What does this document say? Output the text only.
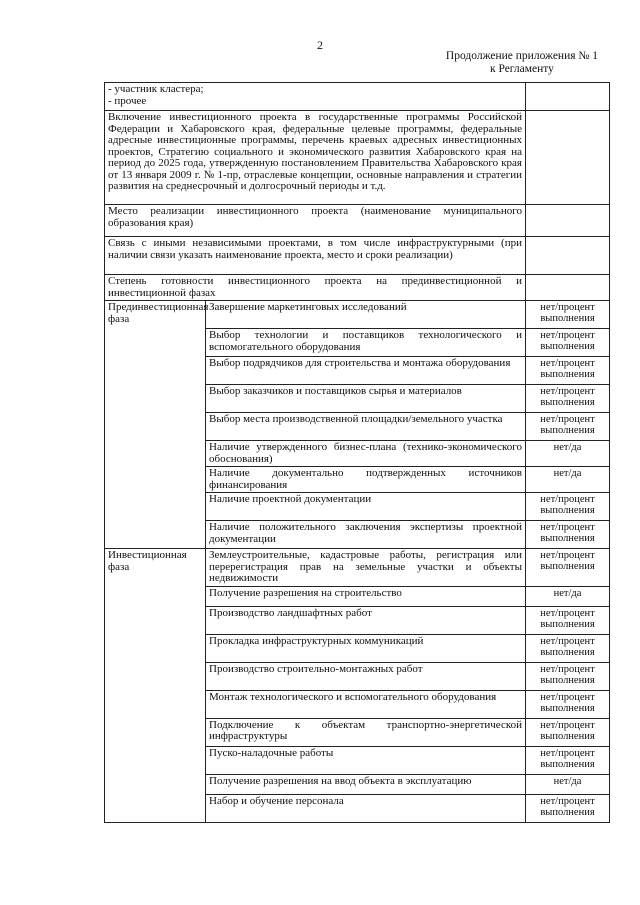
2
Продолжение приложения № 1
к Регламенту
- участник кластера;
- прочее		
Включение инвестиционного проекта в государственные программы Российской Федерации и Хабаровского края, федеральные целевые программы, федеральные адресные инвестиционные программы, перечень краевых адресных инвестиционных проектов, Стратегию социального и экономического развития Хабаровского края на период до 2025 года, утвержденную постановлением Правительства Хабаровского края от 13 января 2009 г. № 1-пр, отраслевые концепции, основные направления и стратегии развития на среднесрочный и долгосрочный периоды и т.д.		
Место реализации инвестиционного проекта (наименование муниципального образования края)		
Связь с иными независимыми проектами, в том числе инфраструктурными (при наличии связи указать наименование проекта, место и сроки реализации)		
Степень готовности инвестиционного проекта на прединвестиционной и инвестиционной фазах		
Прединвестиционная фаза	Завершение маркетинговых исследований	нет/процент выполнения
	Выбор технологии и поставщиков технологического и вспомогательного оборудования	нет/процент выполнения
	Выбор подрядчиков для строительства и монтажа оборудования	нет/процент выполнения
	Выбор заказчиков и поставщиков сырья и материалов	нет/процент выполнения
	Выбор места производственной площадки/земельного участка	нет/процент выполнения
	Наличие утвержденного бизнес-плана (технико-экономического обоснования)	нет/да
	Наличие документально подтвержденных источников финансирования	нет/да
	Наличие проектной документации	нет/процент выполнения
	Наличие положительного заключения экспертизы проектной документации	нет/процент выполнения
Инвестиционная фаза	Землеустроительные, кадастровые работы, регистрация или перерегистрация прав на земельные участки и объекты недвижимости	нет/процент выполнения
	Получение разрешения на строительство	нет/да
	Производство ландшафтных работ	нет/процент выполнения
	Прокладка инфраструктурных коммуникаций	нет/процент выполнения
	Производство строительно-монтажных работ	нет/процент выполнения
	Монтаж технологического и вспомогательного оборудования	нет/процент выполнения
	Подключение к объектам транспортно-энергетической инфраструктуры	нет/процент выполнения
	Пуско-наладочные работы	нет/процент выполнения
	Получение разрешения на ввод объекта в эксплуатацию	нет/да
	Набор и обучение персонала	нет/процент выполнения
